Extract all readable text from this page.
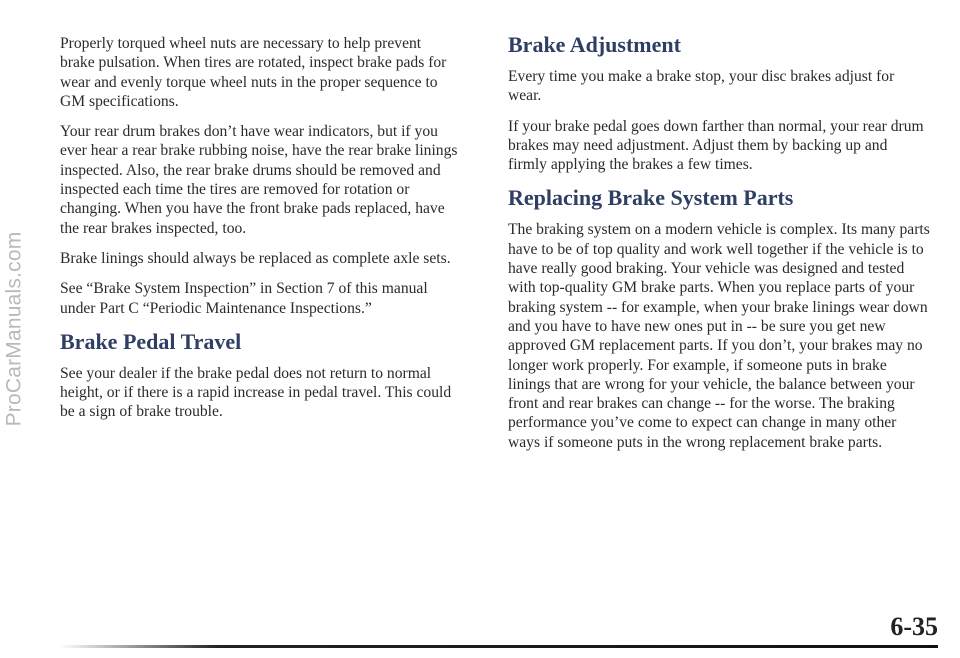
ProCarManuals.com

Properly torqued wheel nuts are necessary to help prevent brake pulsation. When tires are rotated, inspect brake pads for wear and evenly torque wheel nuts in the proper sequence to GM specifications.

Your rear drum brakes don’t have wear indicators, but if you ever hear a rear brake rubbing noise, have the rear brake linings inspected. Also, the rear brake drums should be removed and inspected each time the tires are removed for rotation or changing. When you have the front brake pads replaced, have the rear brakes inspected, too.

Brake linings should always be replaced as complete axle sets.

See “Brake System Inspection” in Section 7 of this manual under Part C “Periodic Maintenance Inspections.”

Brake Pedal Travel

See your dealer if the brake pedal does not return to normal height, or if there is a rapid increase in pedal travel. This could be a sign of brake trouble.

Brake Adjustment

Every time you make a brake stop, your disc brakes adjust for wear.

If your brake pedal goes down farther than normal, your rear drum brakes may need adjustment. Adjust them by backing up and firmly applying the brakes a few times.

Replacing Brake System Parts

The braking system on a modern vehicle is complex. Its many parts have to be of top quality and work well together if the vehicle is to have really good braking. Your vehicle was designed and tested with top-quality GM brake parts. When you replace parts of your braking system -- for example, when your brake linings wear down and you have to have new ones put in -- be sure you get new approved GM replacement parts. If you don’t, your brakes may no longer work properly. For example, if someone puts in brake linings that are wrong for your vehicle, the balance between your front and rear brakes can change -- for the worse. The braking performance you’ve come to expect can change in many other ways if someone puts in the wrong replacement brake parts.

6-35
